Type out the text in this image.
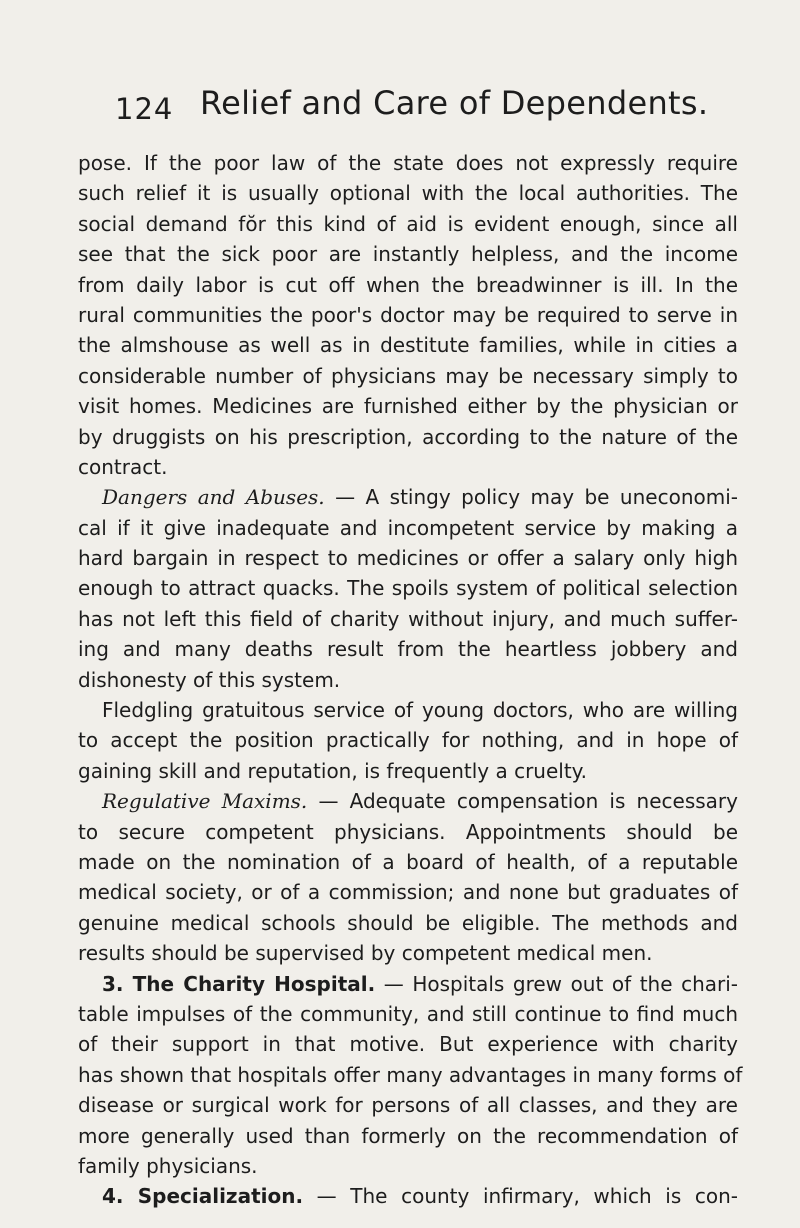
124 Relief and Care of Dependents.
pose. If the poor law of the state does not expressly require
such relief it is usually optional with the local authorities. The
social demand fŏr this kind of aid is evident enough, since all
see that the sick poor are instantly helpless, and the income
from daily labor is cut off when the breadwinner is ill. In the
rural communities the poor's doctor may be required to serve in
the almshouse as well as in destitute families, while in cities a
considerable number of physicians may be necessary simply to
visit homes. Medicines are furnished either by the physician or
by druggists on his prescription, according to the nature of the
contract.
Dangers and Abuses. — A stingy policy may be uneconomi-
cal if it give inadequate and incompetent service by making a
hard bargain in respect to medicines or offer a salary only high
enough to attract quacks. The spoils system of political selection
has not left this field of charity without injury, and much suffer-
ing and many deaths result from the heartless jobbery and
dishonesty of this system.
Fledgling gratuitous service of young doctors, who are willing
to accept the position practically for nothing, and in hope of
gaining skill and reputation, is frequently a cruelty.
Regulative Maxims. — Adequate compensation is necessary
to secure competent physicians. Appointments should be
made on the nomination of a board of health, of a reputable
medical society, or of a commission; and none but graduates of
genuine medical schools should be eligible. The methods and
results should be supervised by competent medical men.
3. The Charity Hospital. — Hospitals grew out of the chari-
table impulses of the community, and still continue to find much
of their support in that motive. But experience with charity
has shown that hospitals offer many advantages in many forms of
disease or surgical work for persons of all classes, and they are
more generally used than formerly on the recommendation of
family physicians.
4. Specialization. — The county infirmary, which is con-
